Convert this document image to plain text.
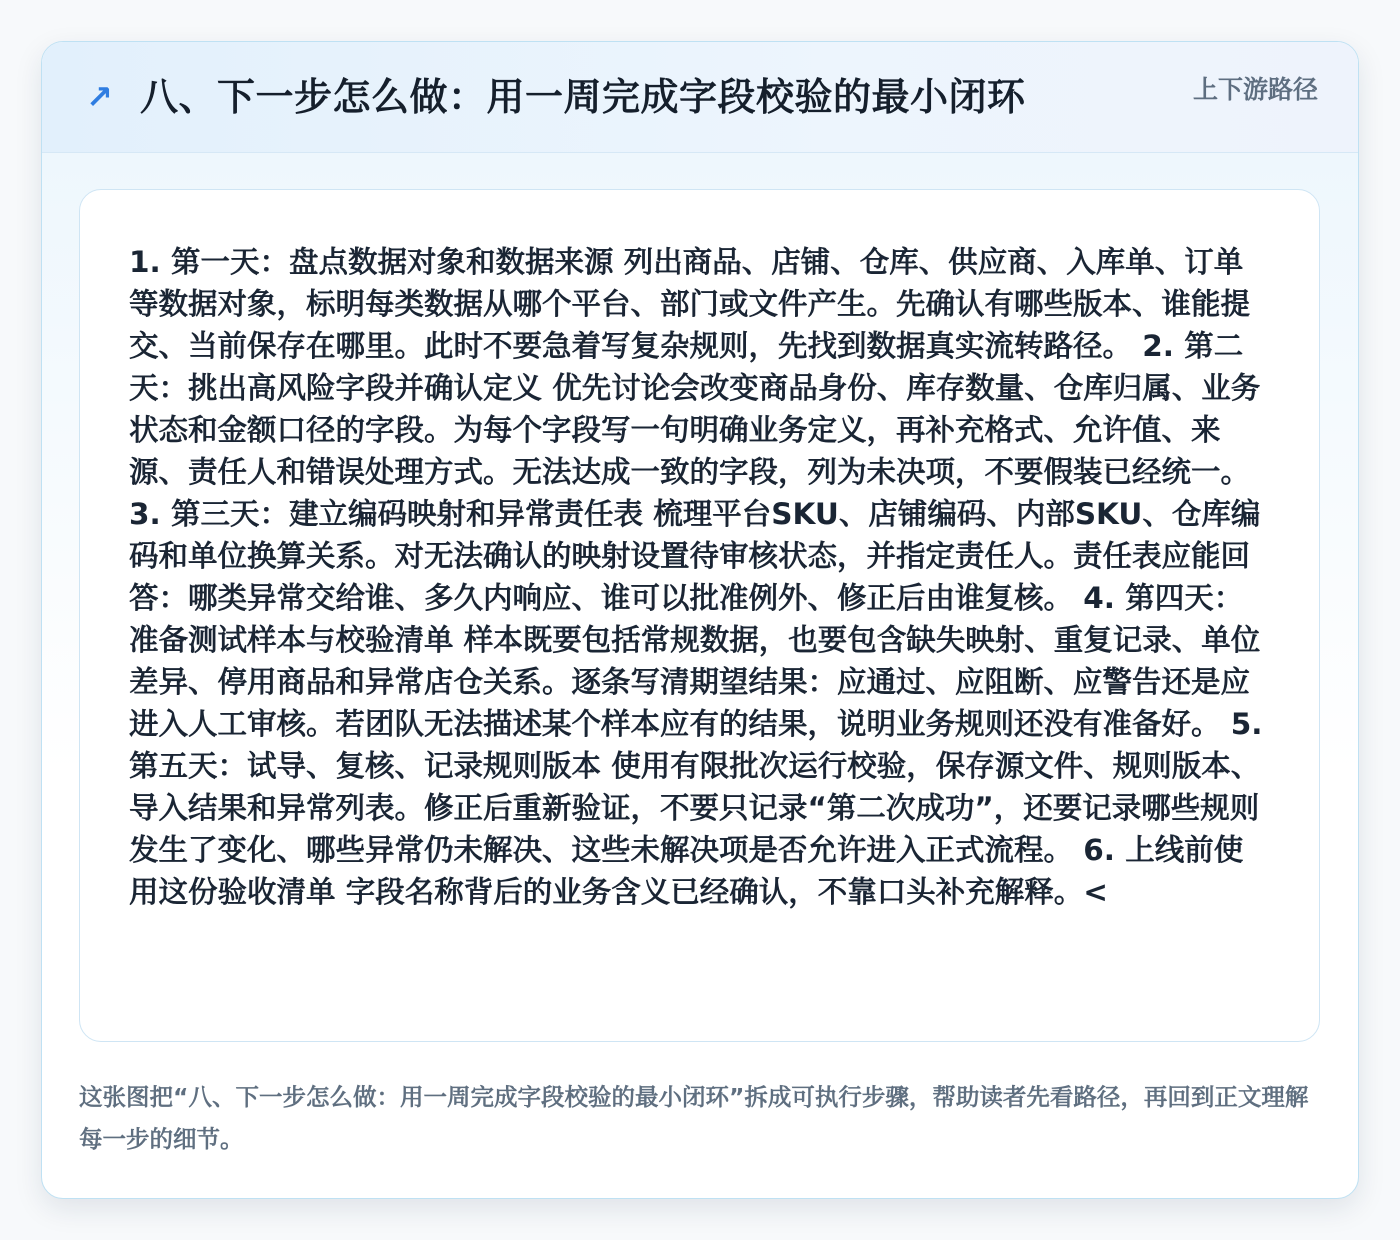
↗ 八、下一步怎么做：用一周完成字段校验的最小闭环	上下游路径
1. 第一天：盘点数据对象和数据来源 列出商品、店铺、仓库、供应商、入库单、订单等数据对象，标明每类数据从哪个平台、部门或文件产生。先确认有哪些版本、谁能提交、当前保存在哪里。此时不要急着写复杂规则，先找到数据真实流转路径。 2. 第二天：挑出高风险字段并确认定义 优先讨论会改变商品身份、库存数量、仓库归属、业务状态和金额口径的字段。为每个字段写一句明确业务定义，再补充格式、允许值、来源、责任人和错误处理方式。无法达成一致的字段，列为未决项，不要假装已经统一。 3. 第三天：建立编码映射和异常责任表 梳理平台SKU、店铺编码、内部SKU、仓库编码和单位换算关系。对无法确认的映射设置待审核状态，并指定责任人。责任表应能回答：哪类异常交给谁、多久内响应、谁可以批准例外、修正后由谁复核。 4. 第四天：准备测试样本与校验清单 样本既要包括常规数据，也要包含缺失映射、重复记录、单位差异、停用商品和异常店仓关系。逐条写清期望结果：应通过、应阻断、应警告还是应进入人工审核。若团队无法描述某个样本应有的结果，说明业务规则还没有准备好。 5. 第五天：试导、复核、记录规则版本 使用有限批次运行校验，保存源文件、规则版本、导入结果和异常列表。修正后重新验证，不要只记录“第二次成功”，还要记录哪些规则发生了变化、哪些异常仍未解决、这些未解决项是否允许进入正式流程。 6. 上线前使用这份验收清单 字段名称背后的业务含义已经确认，不靠口头补充解释。<
这张图把“八、下一步怎么做：用一周完成字段校验的最小闭环”拆成可执行步骤，帮助读者先看路径，再回到正文理解每一步的细节。
